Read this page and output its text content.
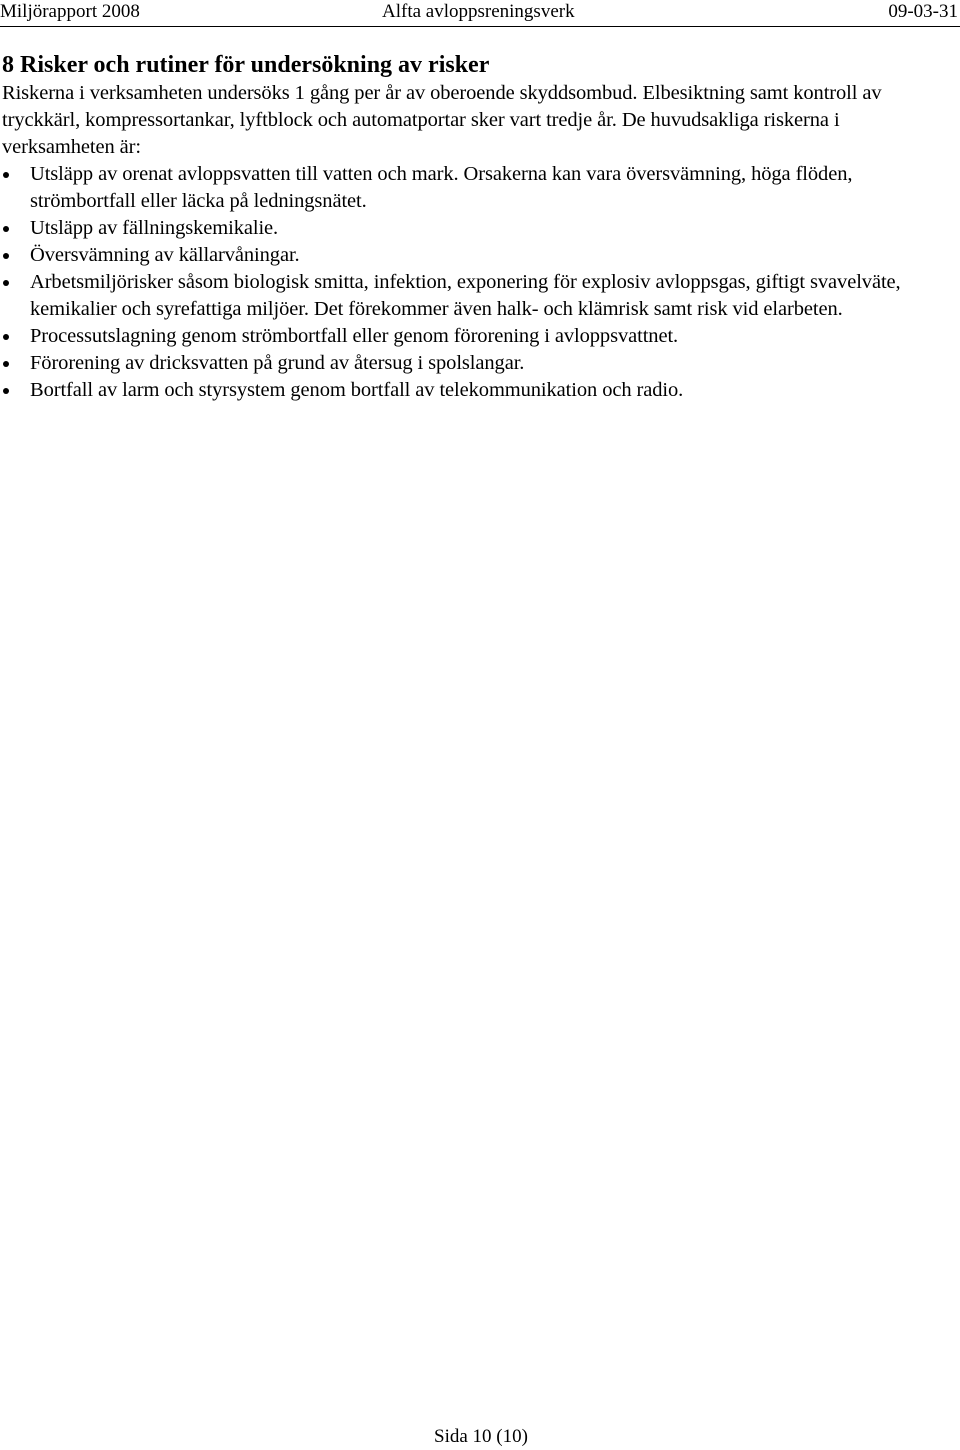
Miljörapport 2008	Alfta avloppsreningsverk	09-03-31
8 Risker och rutiner för undersökning av risker

Riskerna i verksamheten undersöks 1 gång per år av oberoende skyddsombud. Elbesiktning samt kontroll av tryckkärl, kompressortankar, lyftblock och automatportar sker vart tredje år. De huvudsakliga riskerna i verksamheten är:

Utsläpp av orenat avloppsvatten till vatten och mark. Orsakerna kan vara översvämning, höga flöden, strömbortfall eller läcka på ledningsnätet.
Utsläpp av fällningskemikalie.
Översvämning av källarvåningar.
Arbetsmiljörisker såsom biologisk smitta, infektion, exponering för explosiv avloppsgas, giftigt svavelväte, kemikalier och syrefattiga miljöer. Det förekommer även halk- och klämrisk samt risk vid elarbeten.
Processutslagning genom strömbortfall eller genom förorening i avloppsvattnet.
Förorening av dricksvatten på grund av återsug i spolslangar.
Bortfall av larm och styrsystem genom bortfall av telekommunikation och radio.
Sida 10 (10)
